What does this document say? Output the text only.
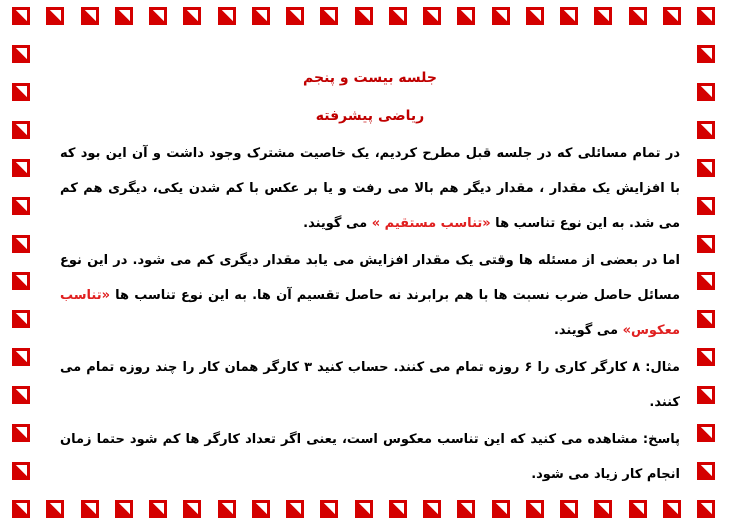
جلسه بیست و پنجم
ریاضی پیشرفته

در تمام مسائلی که در جلسه قبل مطرح کردیم، یک خاصیت مشترک وجود داشت و آن این بود که با افزایش یک مقدار ، مقدار دیگر هم بالا می رفت و یا بر عکس با کم شدن یکی، دیگری هم کم می شد. به این نوع تناسب ها «تناسب مستقیم » می گویند.

اما در بعضی از مسئله ها وقتی یک مقدار افزایش می یابد مقدار دیگری کم می شود. در این نوع مسائل حاصل ضرب نسبت ها با هم برابرند نه حاصل تقسیم آن ها. به این نوع تناسب ها «تناسب معکوس» می گویند.

مثال: ۸ کارگر کاری را ۶ روزه تمام می کنند. حساب کنید ۳ کارگر همان کار را چند روزه تمام می کنند.

پاسخ: مشاهده می کنید که این تناسب معکوس است، یعنی اگر تعداد کارگر ها کم شود حتما زمان انجام کار زیاد می شود.
